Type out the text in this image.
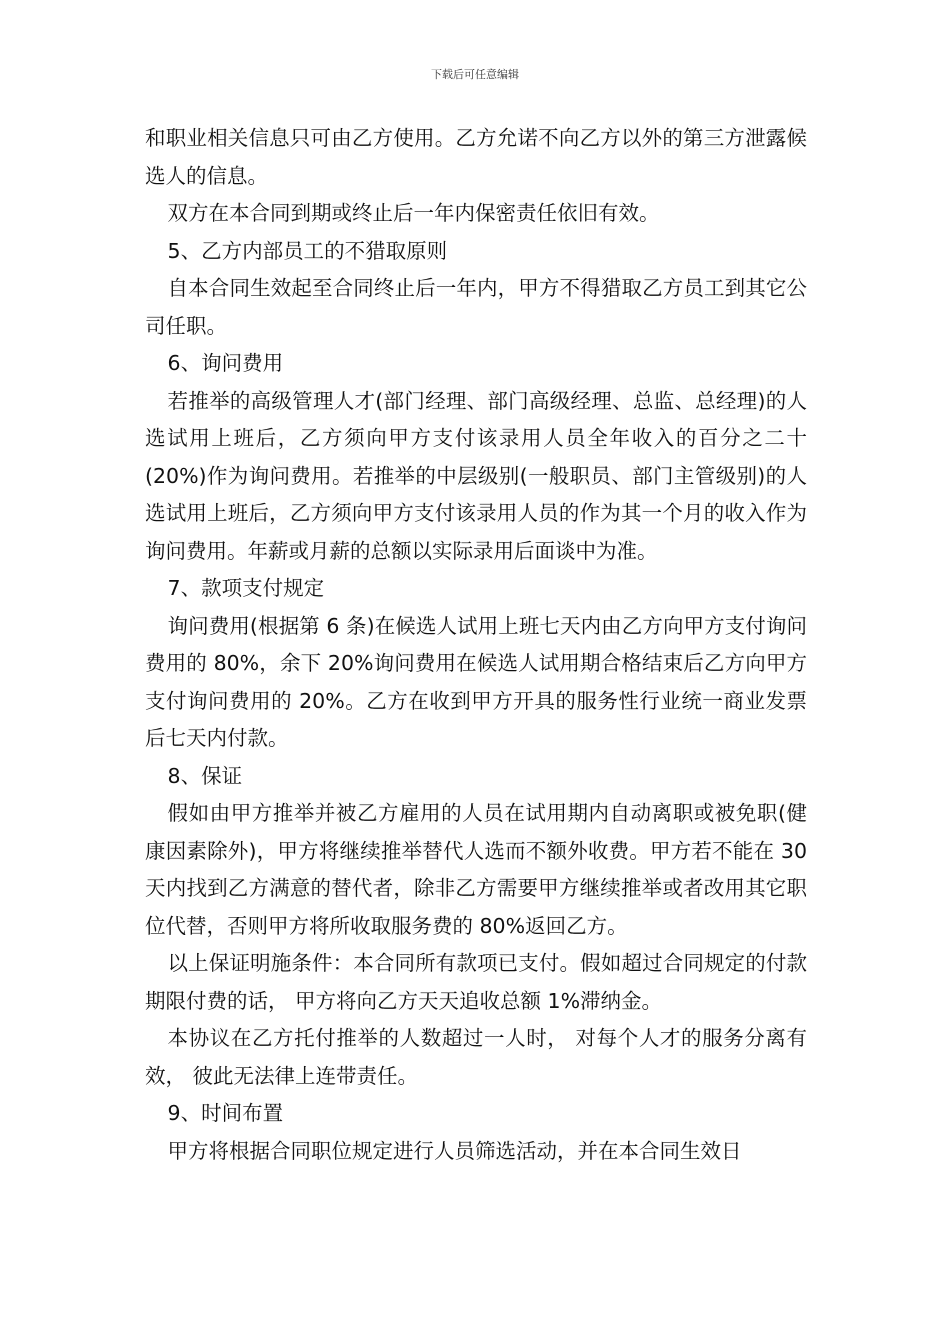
下载后可任意编辑

和职业相关信息只可由乙方使用。乙方允诺不向乙方以外的第三方泄露候选人的信息。

双方在本合同到期或终止后一年内保密责任依旧有效。

5、乙方内部员工的不猎取原则

自本合同生效起至合同终止后一年内，甲方不得猎取乙方员工到其它公司任职。

6、询问费用

若推举的高级管理人才(部门经理、部门高级经理、总监、总经理)的人选试用上班后，乙方须向甲方支付该录用人员全年收入的百分之二十(20%)作为询问费用。若推举的中层级别(一般职员、部门主管级别)的人选试用上班后，乙方须向甲方支付该录用人员的作为其一个月的收入作为询问费用。年薪或月薪的总额以实际录用后面谈中为准。

7、款项支付规定

询问费用(根据第 6 条)在候选人试用上班七天内由乙方向甲方支付询问费用的 80%，余下 20%询问费用在候选人试用期合格结束后乙方向甲方支付询问费用的 20%。乙方在收到甲方开具的服务性行业统一商业发票后七天内付款。

8、保证

假如由甲方推举并被乙方雇用的人员在试用期内自动离职或被免职(健康因素除外)，甲方将继续推举替代人选而不额外收费。甲方若不能在 30 天内找到乙方满意的替代者，除非乙方需要甲方继续推举或者改用其它职位代替，否则甲方将所收取服务费的 80%返回乙方。

以上保证明施条件：本合同所有款项已支付。假如超过合同规定的付款期限付费的话， 甲方将向乙方天天追收总额 1%滞纳金。

本协议在乙方托付推举的人数超过一人时， 对每个人才的服务分离有效， 彼此无法律上连带责任。

9、时间布置

甲方将根据合同职位规定进行人员筛选活动，并在本合同生效日
